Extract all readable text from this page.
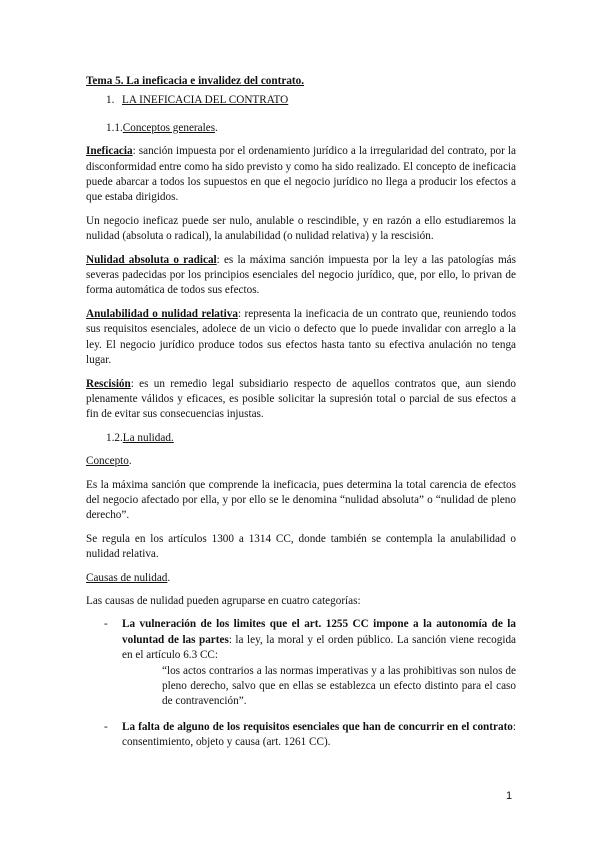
Tema 5. La ineficacia e invalidez del contrato.
1. LA INEFICACIA DEL CONTRATO
1.1.Conceptos generales.

Ineficacia: sanción impuesta por el ordenamiento jurídico a la irregularidad del contrato, por la disconformidad entre como ha sido previsto y como ha sido realizado. El concepto de ineficacia puede abarcar a todos los supuestos en que el negocio jurídico no llega a producir los efectos a que estaba dirigidos.

Un negocio ineficaz puede ser nulo, anulable o rescindible, y en razón a ello estudiaremos la nulidad (absoluta o radical), la anulabilidad (o nulidad relativa) y la rescisión.

Nulidad absoluta o radical: es la máxima sanción impuesta por la ley a las patologías más severas padecidas por los principios esenciales del negocio jurídico, que, por ello, lo privan de forma automática de todos sus efectos.

Anulabilidad o nulidad relativa: representa la ineficacia de un contrato que, reuniendo todos sus requisitos esenciales, adolece de un vicio o defecto que lo puede invalidar con arreglo a la ley. El negocio jurídico produce todos sus efectos hasta tanto su efectiva anulación no tenga lugar.

Rescisión: es un remedio legal subsidiario respecto de aquellos contratos que, aun siendo plenamente válidos y eficaces, es posible solicitar la supresión total o parcial de sus efectos a fin de evitar sus consecuencias injustas.

1.2.La nulidad.

Concepto.

Es la máxima sanción que comprende la ineficacia, pues determina la total carencia de efectos del negocio afectado por ella, y por ello se le denomina “nulidad absoluta” o “nulidad de pleno derecho”.

Se regula en los artículos 1300 a 1314 CC, donde también se contempla la anulabilidad o nulidad relativa.

Causas de nulidad.

Las causas de nulidad pueden agruparse en cuatro categorías:

- La vulneración de los limites que el art. 1255 CC impone a la autonomía de la voluntad de las partes: la ley, la moral y el orden público. La sanción viene recogida en el artículo 6.3 CC:
“los actos contrarios a las normas imperativas y a las prohibitivas son nulos de pleno derecho, salvo que en ellas se establezca un efecto distinto para el caso de contravención”.
- La falta de alguno de los requisitos esenciales que han de concurrir en el contrato: consentimiento, objeto y causa (art. 1261 CC).
1
